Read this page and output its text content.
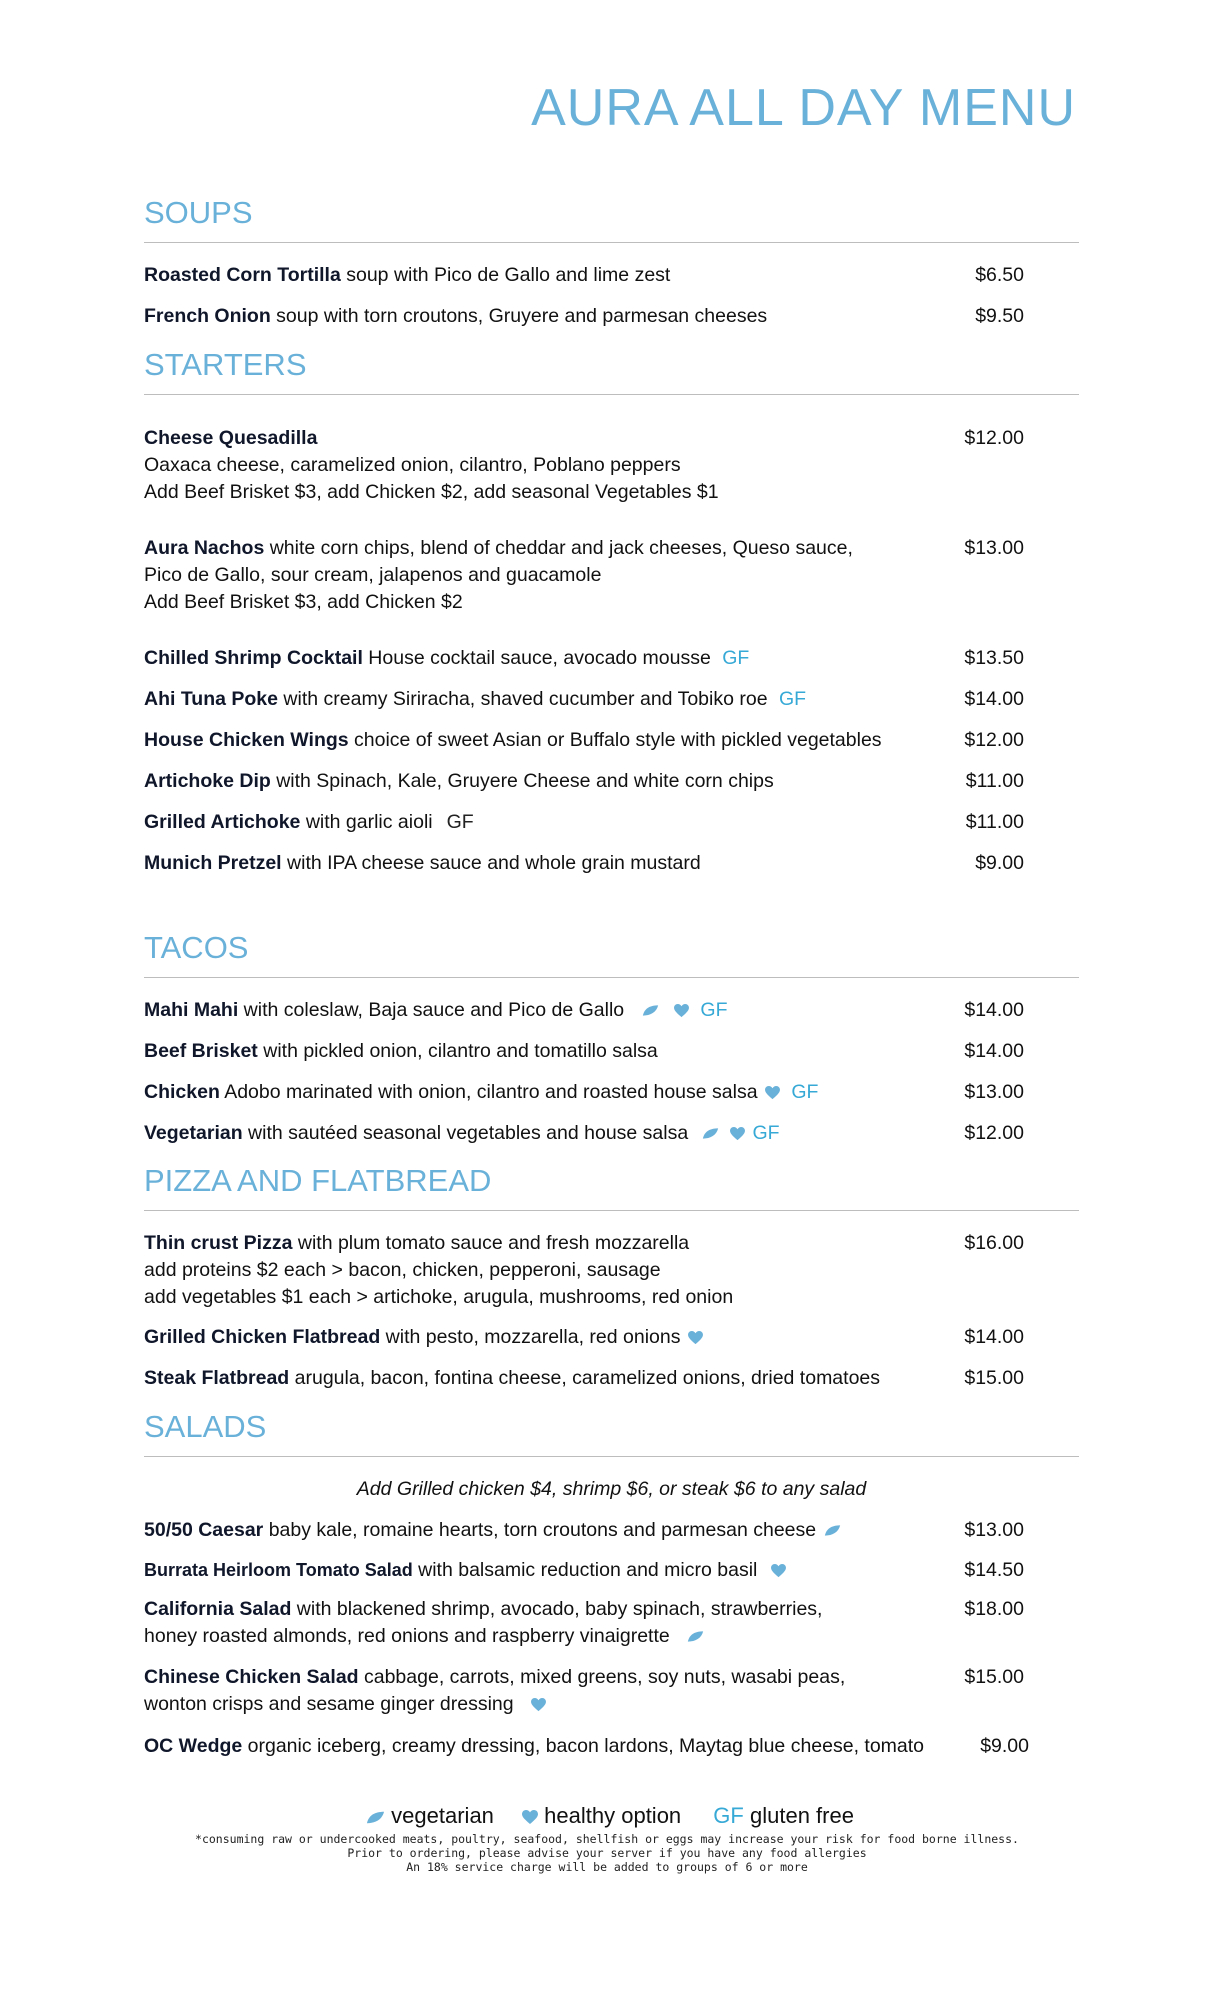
AURA ALL DAY MENU
SOUPS
Roasted Corn Tortilla soup with Pico de Gallo and lime zest	$6.50
French Onion soup with torn croutons, Gruyere and parmesan cheeses	$9.50
STARTERS
Cheese Quesadilla
Oaxaca cheese, caramelized onion, cilantro, Poblano peppers
Add Beef Brisket $3, add Chicken $2, add seasonal Vegetables $1
$12.00
Aura Nachos white corn chips, blend of cheddar and jack cheeses, Queso sauce,
Pico de Gallo, sour cream, jalapenos and guacamole
Add Beef Brisket $3, add Chicken $2
$13.00
Chilled Shrimp Cocktail House cocktail sauce, avocado mousse GF	$13.50
Ahi Tuna Poke with creamy Siriracha, shaved cucumber and Tobiko roe GF	$14.00
House Chicken Wings choice of sweet Asian or Buffalo style with pickled vegetables	$12.00
Artichoke Dip with Spinach, Kale, Gruyere Cheese and white corn chips	$11.00
Grilled Artichoke with garlic aioli GF	$11.00
Munich Pretzel with IPA cheese sauce and whole grain mustard	$9.00
TACOS
Mahi Mahi with coleslaw, Baja sauce and Pico de Gallo	GF	$14.00
Beef Brisket with pickled onion, cilantro and tomatillo salsa	$14.00
Chicken Adobo marinated with onion, cilantro and roasted house salsa GF	$13.00
Vegetarian with sautéed seasonal vegetables and house salsa	GF	$12.00
PIZZA AND FLATBREAD
Thin crust Pizza with plum tomato sauce and fresh mozzarella
add proteins $2 each > bacon, chicken, pepperoni, sausage
add vegetables $1 each > artichoke, arugula, mushrooms, red onion
$16.00
Grilled Chicken Flatbread with pesto, mozzarella, red onions	$14.00
Steak Flatbread arugula, bacon, fontina cheese, caramelized onions, dried tomatoes	$15.00
SALADS
Add Grilled chicken $4, shrimp $6, or steak $6 to any salad
50/50 Caesar baby kale, romaine hearts, torn croutons and parmesan cheese	$13.00
Burrata Heirloom Tomato Salad with balsamic reduction and micro basil	$14.50
California Salad with blackened shrimp, avocado, baby spinach, strawberries,
honey roasted almonds, red onions and raspberry vinaigrette
$18.00
Chinese Chicken Salad cabbage, carrots, mixed greens, soy nuts, wasabi peas,
wonton crisps and sesame ginger dressing
$15.00
OC Wedge organic iceberg, creamy dressing, bacon lardons, Maytag blue cheese, tomato	$9.00
vegetarian healthy option GF gluten free
*consuming raw or undercooked meats, poultry, seafood, shellfish or eggs may increase your risk for food borne illness.
Prior to ordering, please advise your server if you have any food allergies
An 18% service charge will be added to groups of 6 or more
